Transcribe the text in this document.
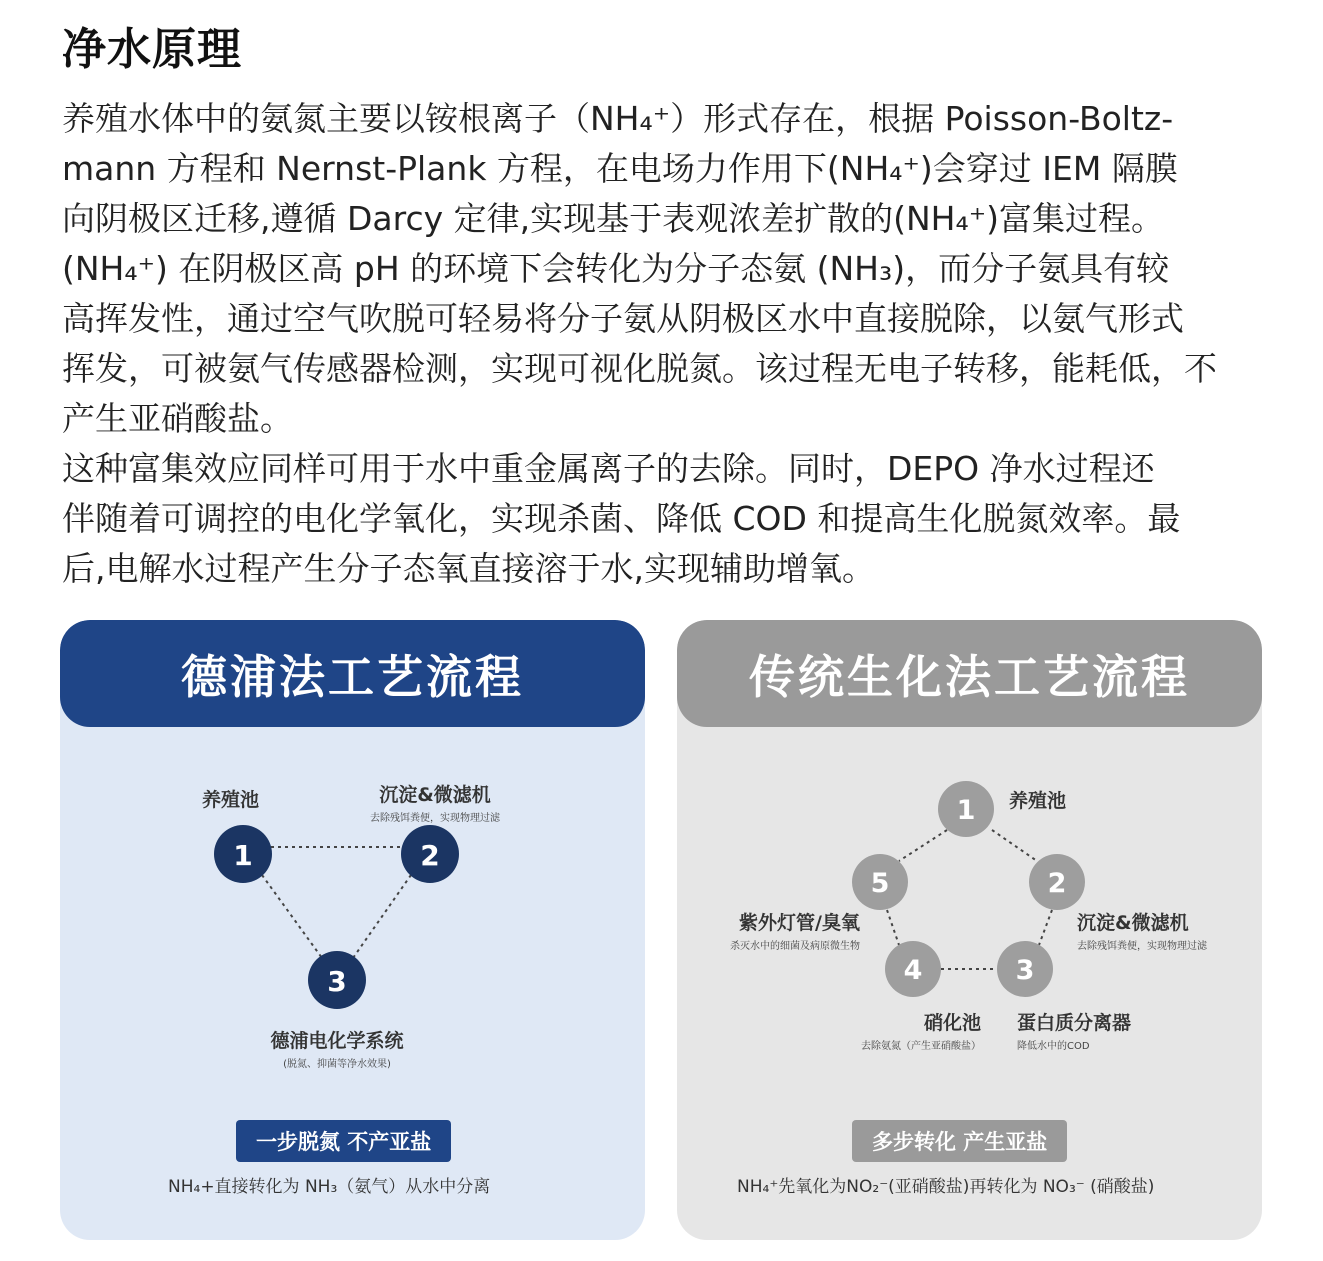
净水原理
养殖水体中的氨氮主要以铵根离子（NH₄⁺）形式存在，根据 Poisson-Boltz-
mann 方程和 Nernst-Plank 方程，在电场力作用下(NH₄⁺)会穿过 IEM 隔膜
向阴极区迁移,遵循 Darcy 定律,实现基于表观浓差扩散的(NH₄⁺)富集过程。
(NH₄⁺) 在阴极区高 pH 的环境下会转化为分子态氨 (NH₃)，而分子氨具有较
高挥发性，通过空气吹脱可轻易将分子氨从阴极区水中直接脱除，以氨气形式
挥发，可被氨气传感器检测，实现可视化脱氮。该过程无电子转移，能耗低，不
产生亚硝酸盐。
这种富集效应同样可用于水中重金属离子的去除。同时，DEPO 净水过程还
伴随着可调控的电化学氧化，实现杀菌、降低 COD 和提高生化脱氮效率。最
后,电解水过程产生分子态氧直接溶于水,实现辅助增氧。
德浦法工艺流程
1	2
3
养殖池	沉淀&微滤机
去除残饵粪便，实现物理过滤
德浦电化学系统
(脱氮、抑菌等净水效果)
一步脱氮 不产亚盐
NH₄+直接转化为 NH₃（氨气）从水中分离
传统生化法工艺流程
1
2
3
4
5
养殖池
沉淀&微滤机
去除残饵粪便，实现物理过滤
蛋白质分离器
降低水中的COD
硝化池
去除氨氮（产生亚硝酸盐）
紫外灯管/臭氧
杀灭水中的细菌及病原微生物
多步转化 产生亚盐
NH₄⁺先氧化为NO₂⁻(亚硝酸盐)再转化为 NO₃⁻ (硝酸盐)
